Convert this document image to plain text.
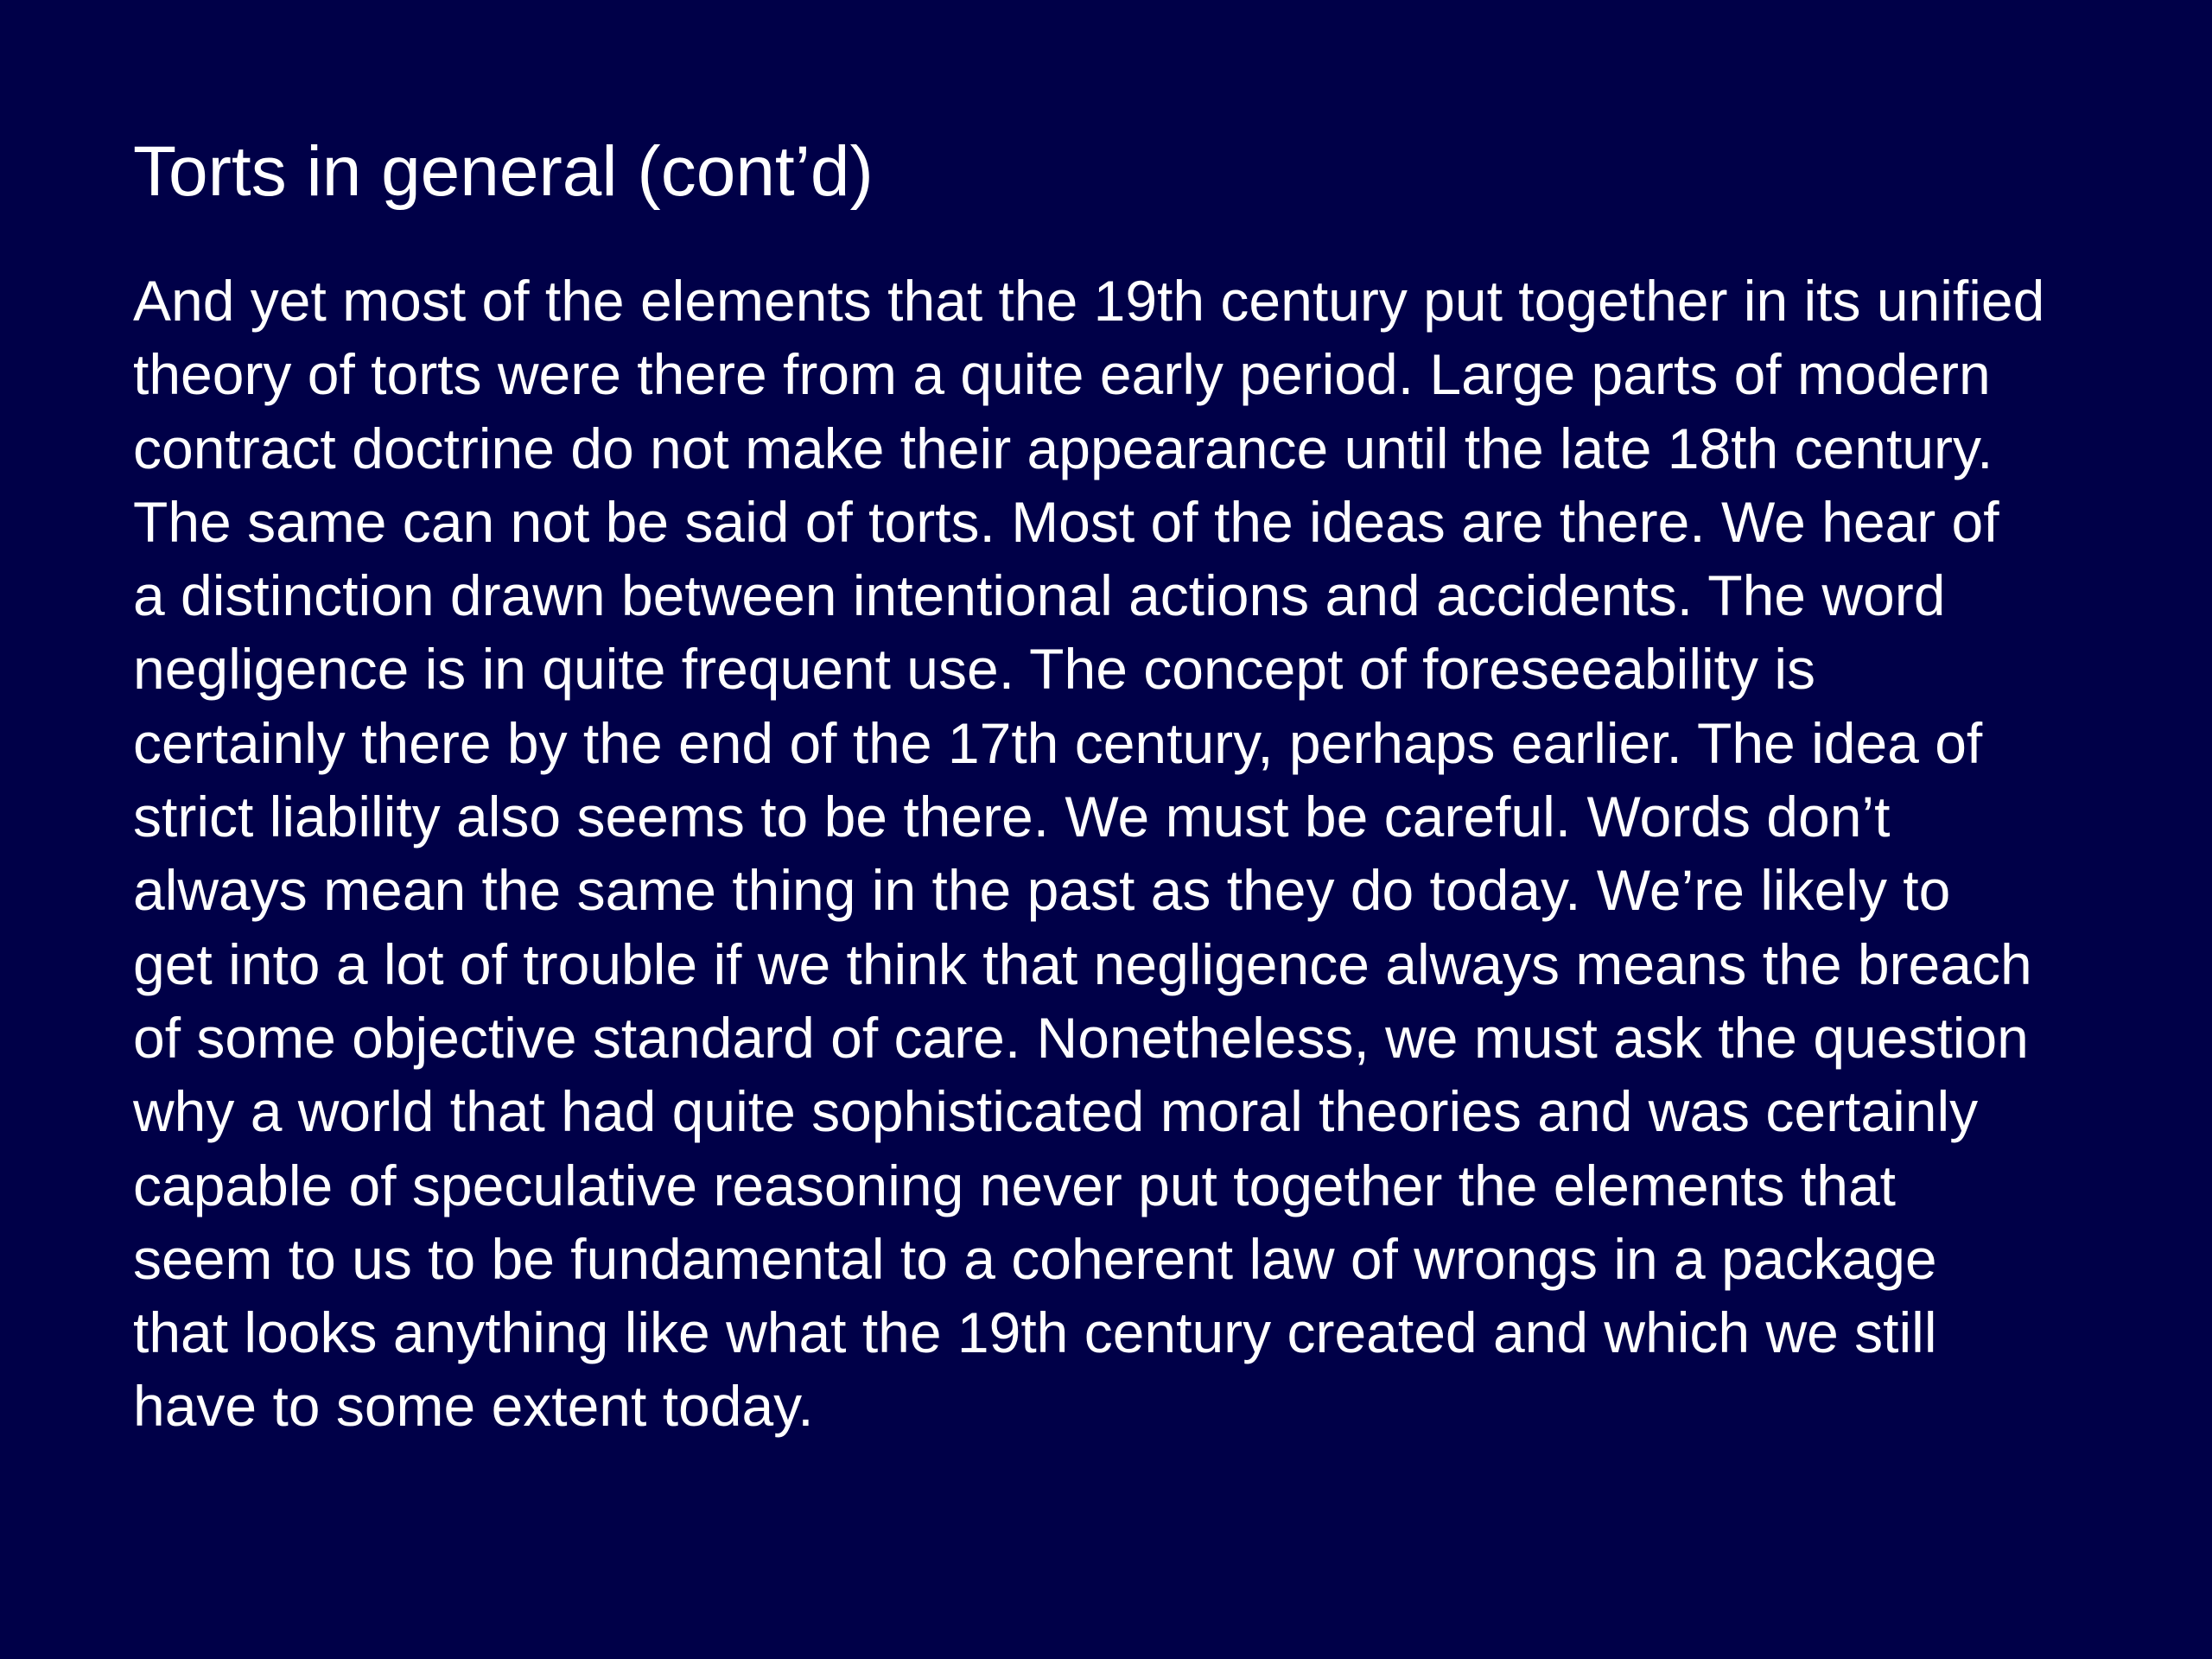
Torts in general (cont’d)

And yet most of the elements that the 19th century put together in its unified
theory of torts were there from a quite early period. Large parts of modern
contract doctrine do not make their appearance until the late 18th century.
The same can not be said of torts. Most of the ideas are there. We hear of
a distinction drawn between intentional actions and accidents. The word
negligence is in quite frequent use. The concept of foreseeability is
certainly there by the end of the 17th century, perhaps earlier. The idea of
strict liability also seems to be there. We must be careful. Words don’t
always mean the same thing in the past as they do today. We’re likely to
get into a lot of trouble if we think that negligence always means the breach
of some objective standard of care. Nonetheless, we must ask the question
why a world that had quite sophisticated moral theories and was certainly
capable of speculative reasoning never put together the elements that
seem to us to be fundamental to a coherent law of wrongs in a package
that looks anything like what the 19th century created and which we still
have to some extent today.
